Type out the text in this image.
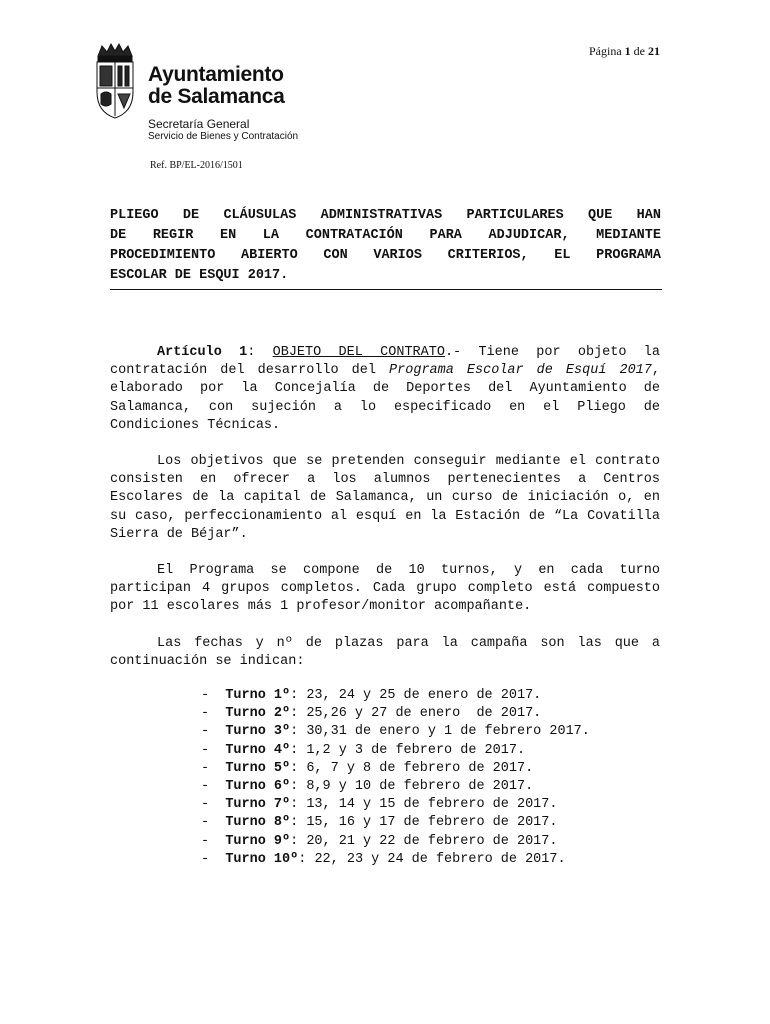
Página 1 de 21
Ayuntamiento
de Salamanca
Secretaría General
Servicio de Bienes y Contratación
Ref. BP/EL-2016/1501
PLIEGO DE CLÁUSULAS ADMINISTRATIVAS PARTICULARES QUE HAN
DE REGIR EN LA CONTRATACIÓN PARA ADJUDICAR, MEDIANTE
PROCEDIMIENTO ABIERTO CON VARIOS CRITERIOS, EL PROGRAMA
ESCOLAR DE ESQUI 2017.

Artículo 1: OBJETO DEL CONTRATO.- Tiene por objeto la contratación del desarrollo del Programa Escolar de Esquí 2017, elaborado por la Concejalía de Deportes del Ayuntamiento de Salamanca, con sujeción a lo especificado en el Pliego de Condiciones Técnicas.

Los objetivos que se pretenden conseguir mediante el contrato consisten en ofrecer a los alumnos pertenecientes a Centros Escolares de la capital de Salamanca, un curso de iniciación o, en su caso, perfeccionamiento al esquí en la Estación de “La Covatilla Sierra de Béjar”.

El Programa se compone de 10 turnos, y en cada turno participan 4 grupos completos. Cada grupo completo está compuesto por 11 escolares más 1 profesor/monitor acompañante.

Las fechas y nº de plazas para la campaña son las que a continuación se indican:

-  Turno 1º: 23, 24 y 25 de enero de 2017.
-  Turno 2º: 25,26 y 27 de enero  de 2017.
-  Turno 3º: 30,31 de enero y 1 de febrero 2017.
-  Turno 4º: 1,2 y 3 de febrero de 2017.
-  Turno 5º: 6, 7 y 8 de febrero de 2017.
-  Turno 6º: 8,9 y 10 de febrero de 2017.
-  Turno 7º: 13, 14 y 15 de febrero de 2017.
-  Turno 8º: 15, 16 y 17 de febrero de 2017.
-  Turno 9º: 20, 21 y 22 de febrero de 2017.
-  Turno 10º: 22, 23 y 24 de febrero de 2017.
